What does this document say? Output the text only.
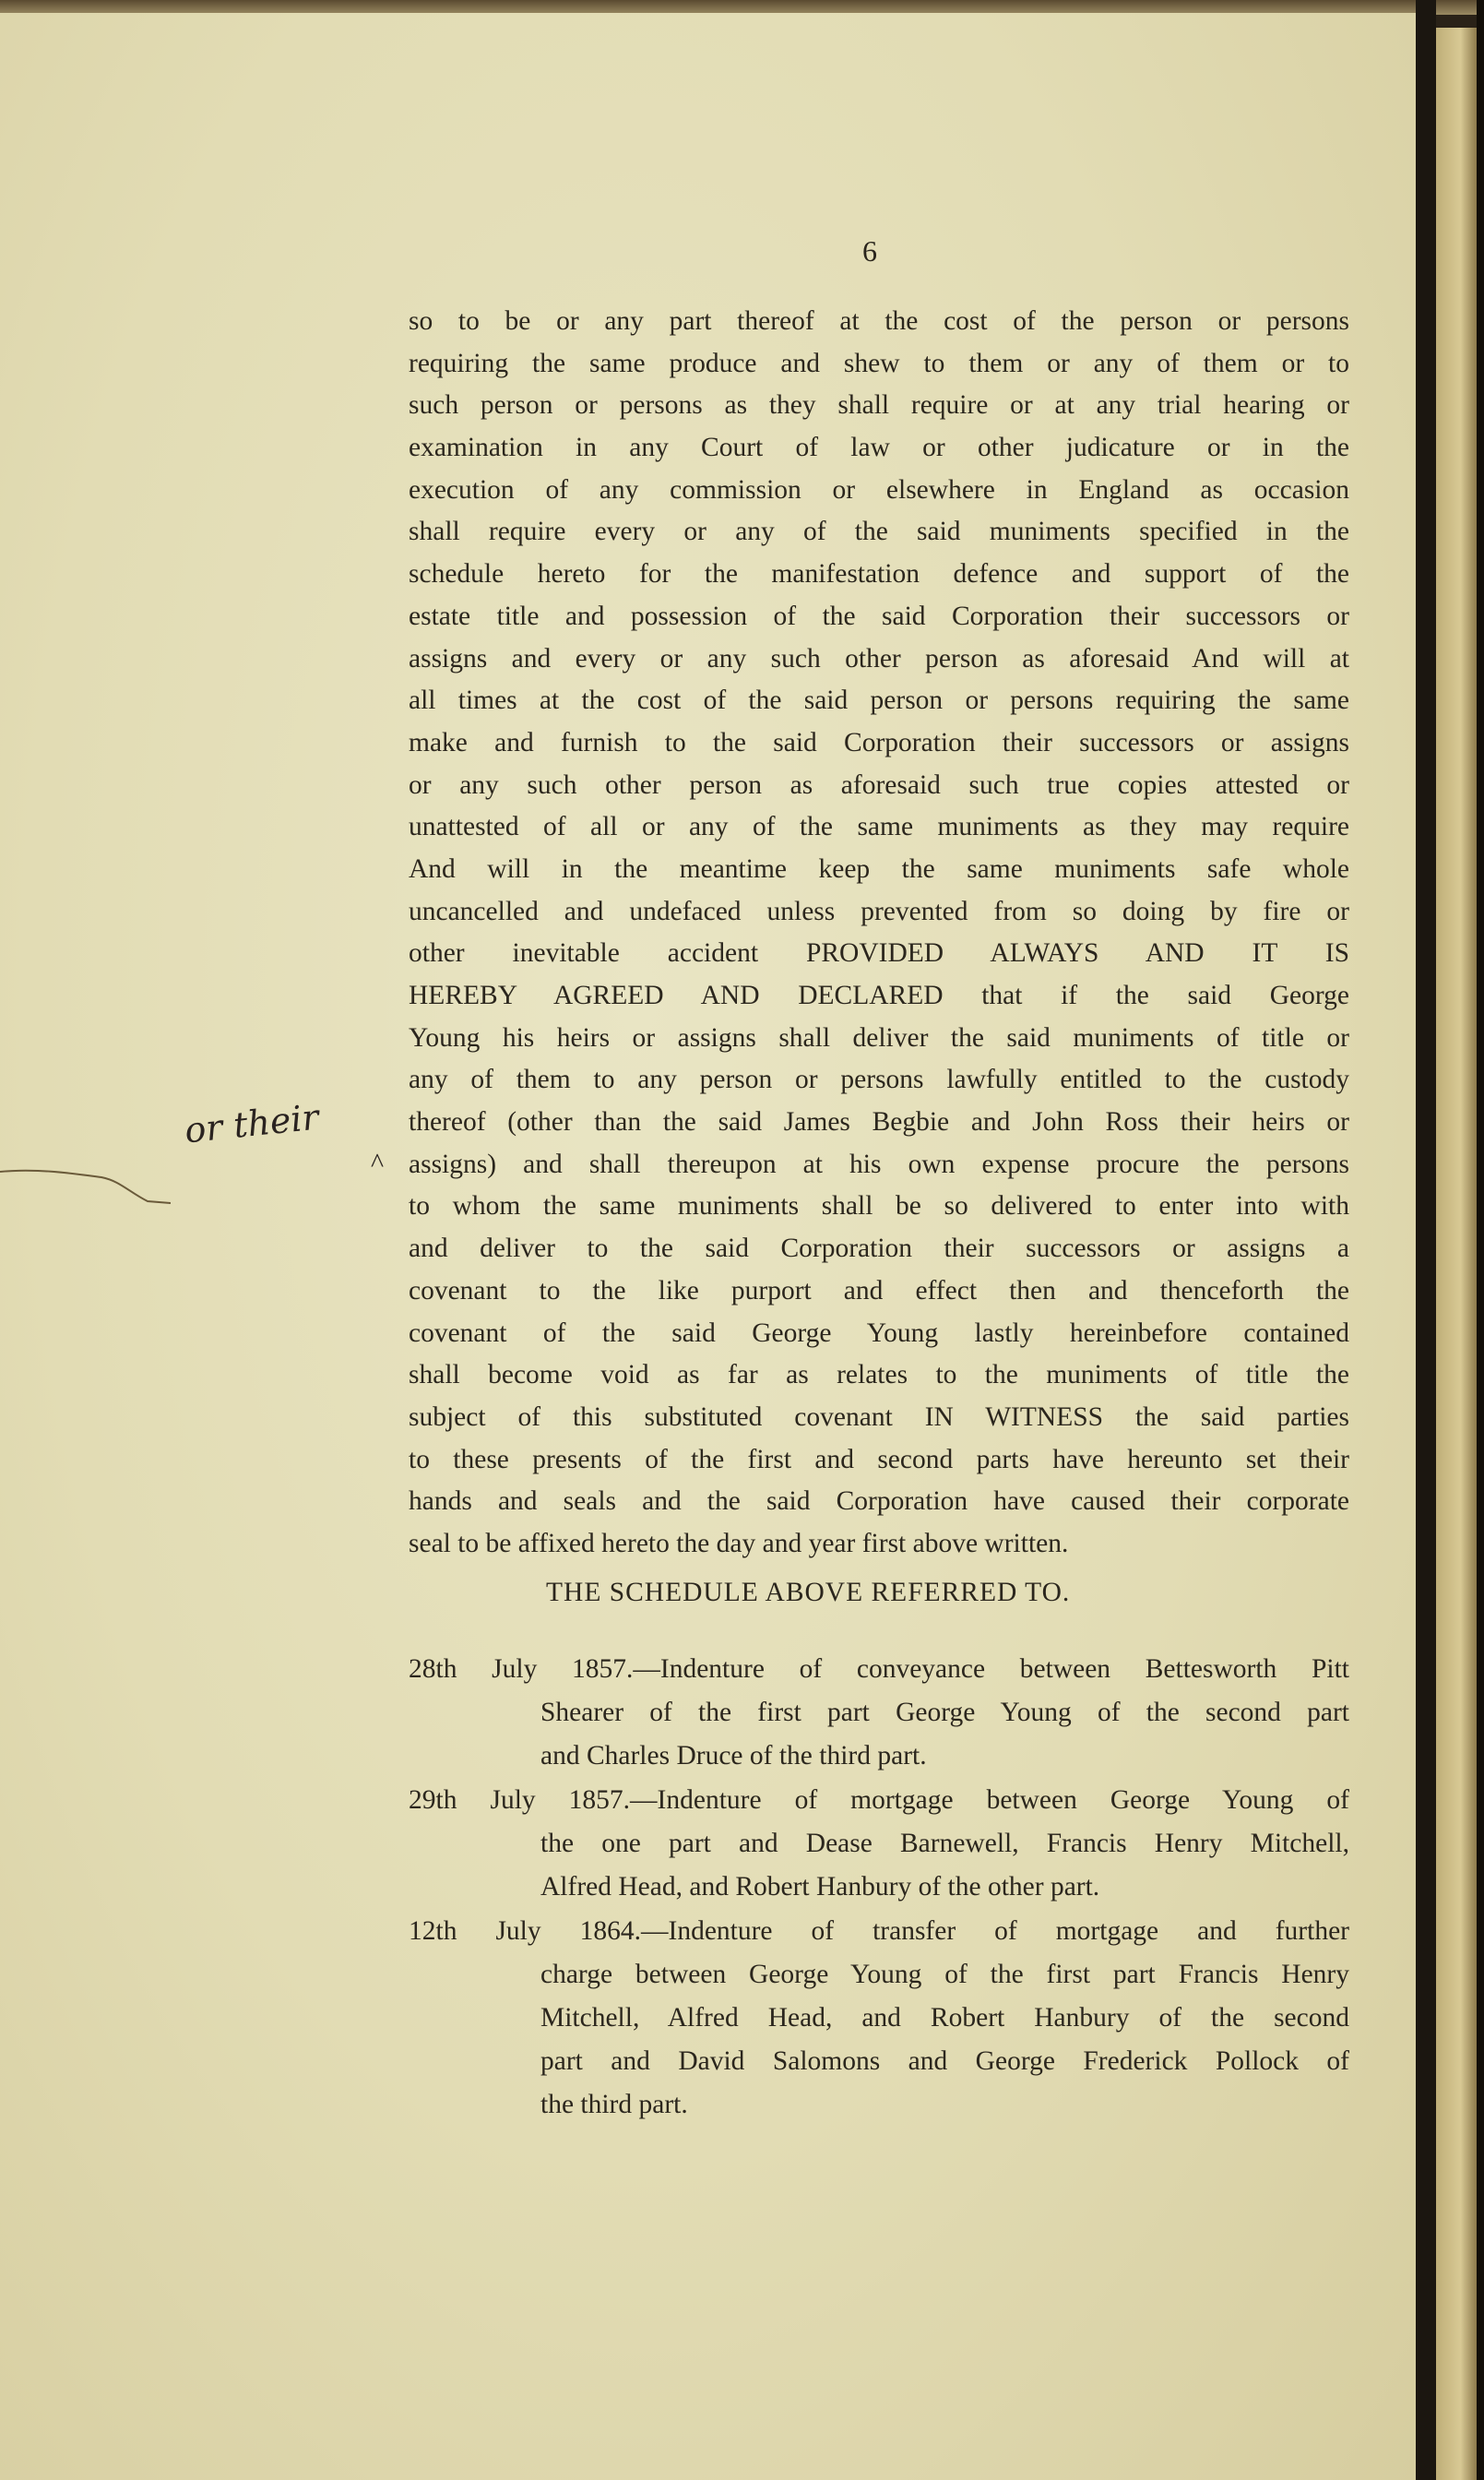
6
so to be or any part thereof at the cost of the person or persons
requiring the same produce and shew to them or any of them or to
such person or persons as they shall require or at any trial hearing or
examination in any Court of law or other judicature or in the
execution of any commission or elsewhere in England as occasion
shall require every or any of the said muniments specified in the
schedule hereto for the manifestation defence and support of the
estate title and possession of the said Corporation their successors or
assigns and every or any such other person as aforesaid And will at
all times at the cost of the said person or persons requiring the same
make and furnish to the said Corporation their successors or assigns
or any such other person as aforesaid such true copies attested or
unattested of all or any of the same muniments as they may require
And will in the meantime keep the same muniments safe whole
uncancelled and undefaced unless prevented from so doing by fire or
other inevitable accident PROVIDED ALWAYS AND IT IS
HEREBY AGREED AND DECLARED that if the said George
Young his heirs or assigns shall deliver the said muniments of title or
any of them to any person or persons lawfully entitled to the custody
thereof (other than the said James Begbie and John Ross their heirs or
assigns) and shall thereupon at his own expense procure the persons
to whom the same muniments shall be so delivered to enter into with
and deliver to the said Corporation their successors or assigns a
covenant to the like purport and effect then and thenceforth the
covenant of the said George Young lastly hereinbefore contained
shall become void as far as relates to the muniments of title the
subject of this substituted covenant IN WITNESS the said parties
to these presents of the first and second parts have hereunto set their
hands and seals and the said Corporation have caused their corporate
seal to be affixed hereto the day and year first above written.
or their
^
THE SCHEDULE ABOVE REFERRED TO.
28th July 1857.—Indenture of conveyance between Bettesworth Pitt
Shearer of the first part George Young of the second part
and Charles Druce of the third part.
29th July 1857.—Indenture of mortgage between George Young of
the one part and Dease Barnewell, Francis Henry Mitchell,
Alfred Head, and Robert Hanbury of the other part.
12th July 1864.—Indenture of transfer of mortgage and further
charge between George Young of the first part Francis Henry
Mitchell, Alfred Head, and Robert Hanbury of the second
part and David Salomons and George Frederick Pollock of
the third part.
